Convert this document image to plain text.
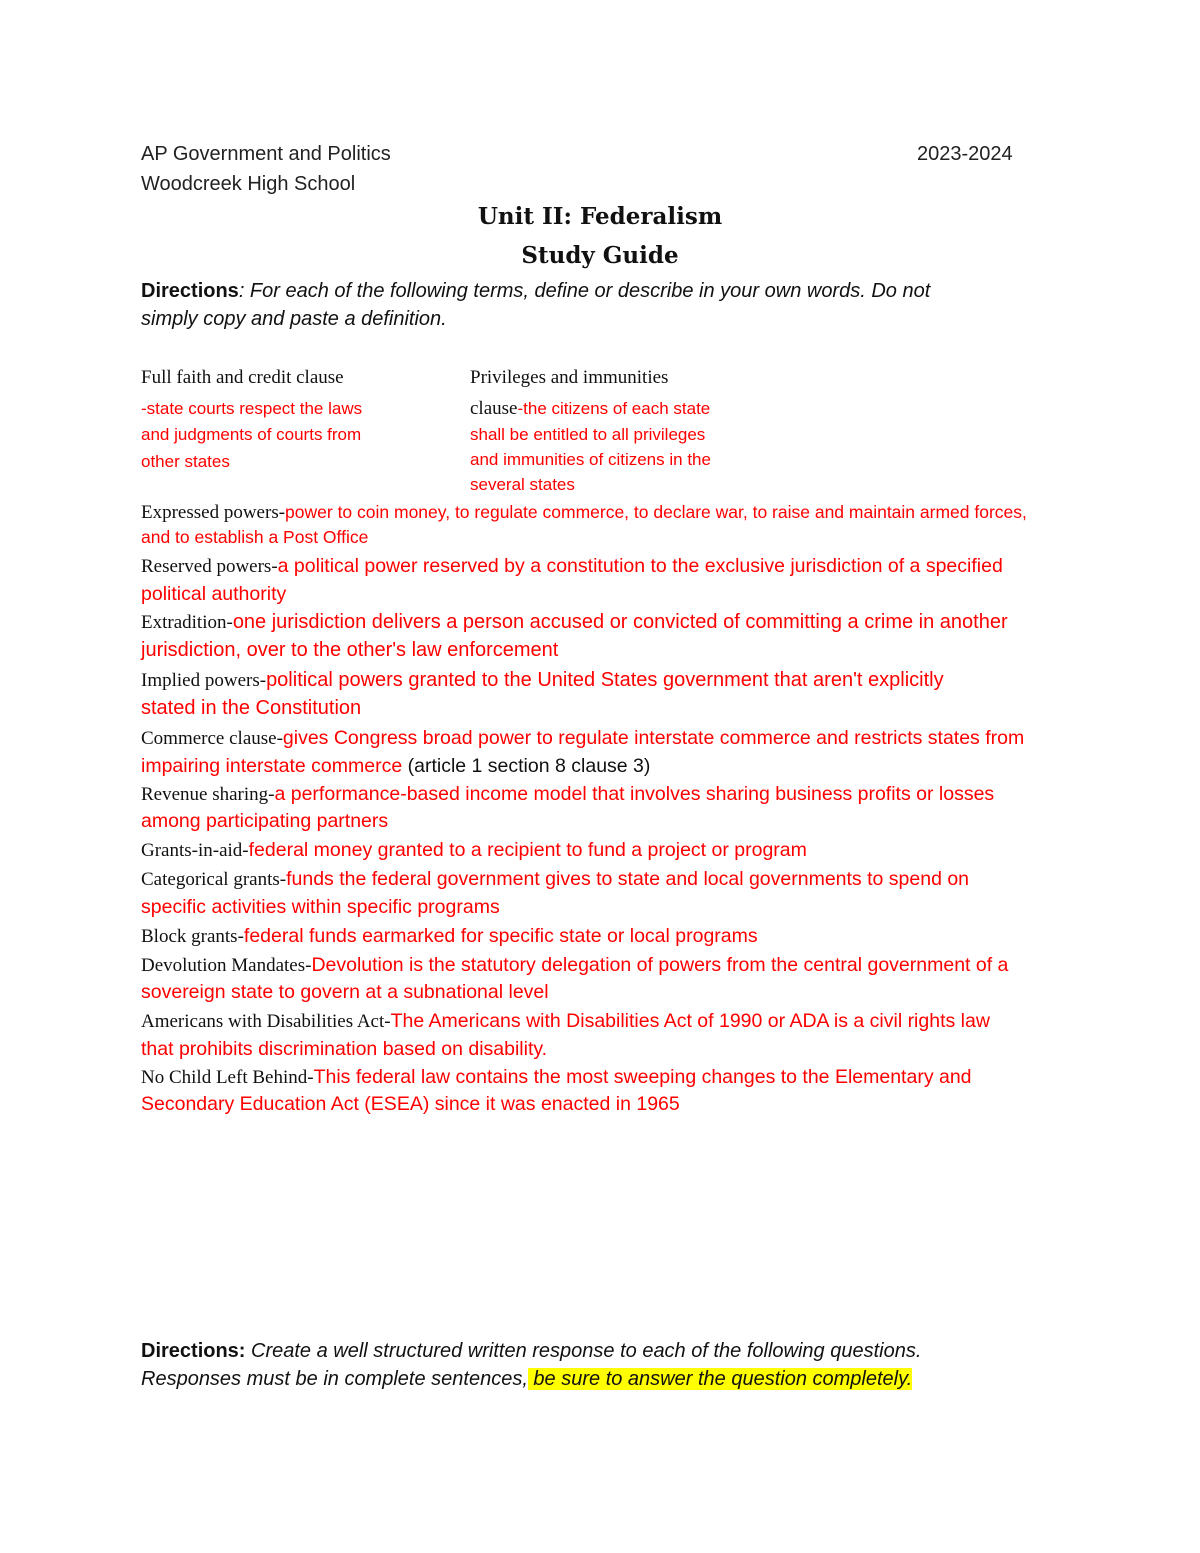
AP Government and Politics	2023-2024
Woodcreek High School
Unit II: Federalism
Study Guide
Directions: For each of the following terms, define or describe in your own words. Do not
simply copy and paste a definition.
Full faith and credit clause
-state courts respect the laws
and judgments of courts from
other states
Privileges and immunities
clause-the citizens of each state
shall be entitled to all privileges
and immunities of citizens in the
several states
Expressed powers-power to coin money, to regulate commerce, to declare war, to raise and maintain armed forces,
and to establish a Post Office
Reserved powers-a political power reserved by a constitution to the exclusive jurisdiction of a specified
political authority
Extradition-one jurisdiction delivers a person accused or convicted of committing a crime in another
jurisdiction, over to the other's law enforcement
Implied powers-political powers granted to the United States government that aren't explicitly
stated in the Constitution
Commerce clause-gives Congress broad power to regulate interstate commerce and restricts states from
impairing interstate commerce (article 1 section 8 clause 3)
Revenue sharing-a performance-based income model that involves sharing business profits or losses
among participating partners
Grants-in-aid-federal money granted to a recipient to fund a project or program
Categorical grants-funds the federal government gives to state and local governments to spend on
specific activities within specific programs
Block grants-federal funds earmarked for specific state or local programs
Devolution Mandates-Devolution is the statutory delegation of powers from the central government of a
sovereign state to govern at a subnational level
Americans with Disabilities Act-The Americans with Disabilities Act of 1990 or ADA is a civil rights law
that prohibits discrimination based on disability.
No Child Left Behind-This federal law contains the most sweeping changes to the Elementary and
Secondary Education Act (ESEA) since it was enacted in 1965
Directions: Create a well structured written response to each of the following questions.
Responses must be in complete sentences, be sure to answer the question completely.
